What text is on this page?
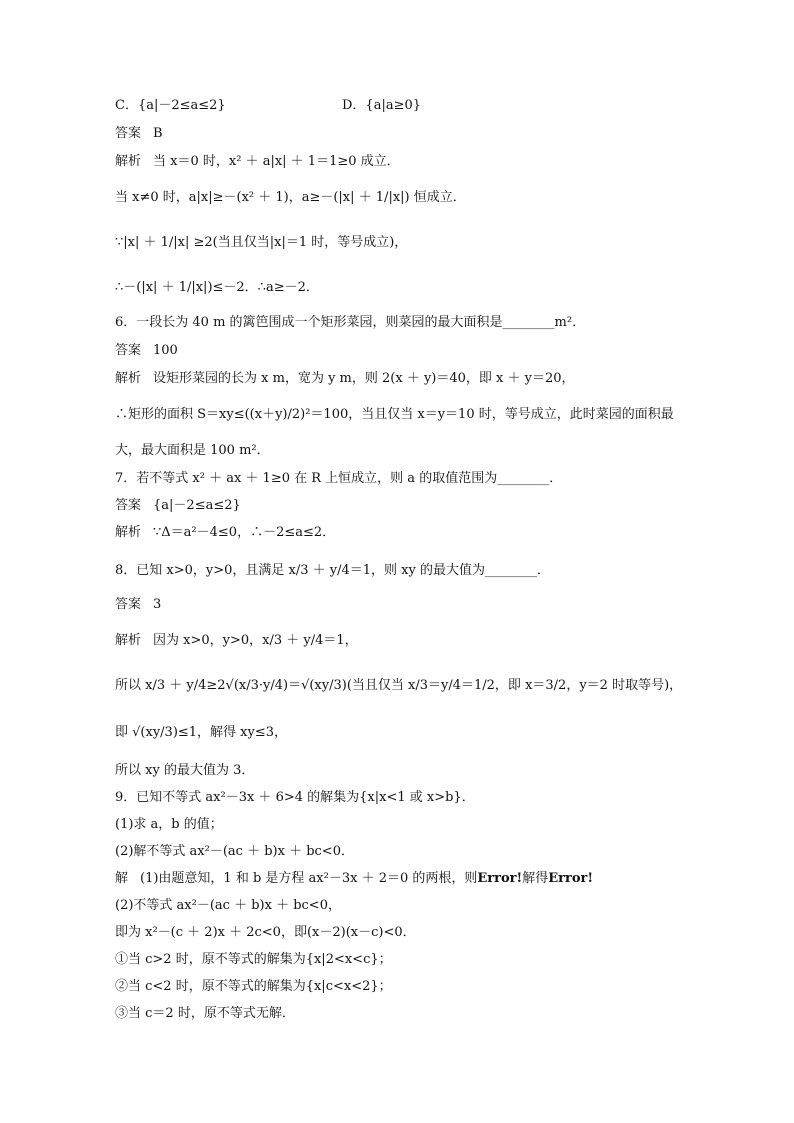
C．{a|－2≤a≤2}	D．{a|a≥0}
答案 B
解析 当 x＝0 时，x² ＋ a|x| ＋ 1＝1≥0 成立．
当 x≠0 时，a|x|≥－(x² ＋ 1)，a≥－(|x| ＋ 1/|x|) 恒成立．
∵|x| ＋ 1/|x| ≥2(当且仅当|x|＝1 时，等号成立)，
∴－(|x| ＋ 1/|x|)≤－2．∴a≥－2．
6．一段长为 40 m 的篱笆围成一个矩形菜园，则菜园的最大面积是________m²．
答案 100
解析 设矩形菜园的长为 x m，宽为 y m，则 2(x ＋ y)＝40，即 x ＋ y＝20，
∴矩形的面积 S＝xy≤((x＋y)/2)²＝100，当且仅当 x＝y＝10 时，等号成立，此时菜园的面积最
大，最大面积是 100 m²．
7．若不等式 x² ＋ ax ＋ 1≥0 在 R 上恒成立，则 a 的取值范围为________．
答案 {a|－2≤a≤2}
解析 ∵Δ＝a²－4≤0，∴－2≤a≤2．
8．已知 x>0，y>0，且满足 x/3 ＋ y/4＝1，则 xy 的最大值为________．
答案 3
解析 因为 x>0，y>0，x/3 ＋ y/4＝1，
所以 x/3 ＋ y/4≥2√(x/3·y/4)＝√(xy/3)(当且仅当 x/3＝y/4＝1/2，即 x＝3/2，y＝2 时取等号)，
即 √(xy/3)≤1，解得 xy≤3，
所以 xy 的最大值为 3．
9．已知不等式 ax²－3x ＋ 6>4 的解集为{x|x<1 或 x>b}．
(1)求 a，b 的值；
(2)解不等式 ax²－(ac ＋ b)x ＋ bc<0．
解 (1)由题意知，1 和 b 是方程 ax²－3x ＋ 2＝0 的两根，则Error!解得Error!
(2)不等式 ax²－(ac ＋ b)x ＋ bc<0，
即为 x²－(c ＋ 2)x ＋ 2c<0，即(x－2)(x－c)<0．
①当 c>2 时，原不等式的解集为{x|2<x<c}；
②当 c<2 时，原不等式的解集为{x|c<x<2}；
③当 c＝2 时，原不等式无解．
